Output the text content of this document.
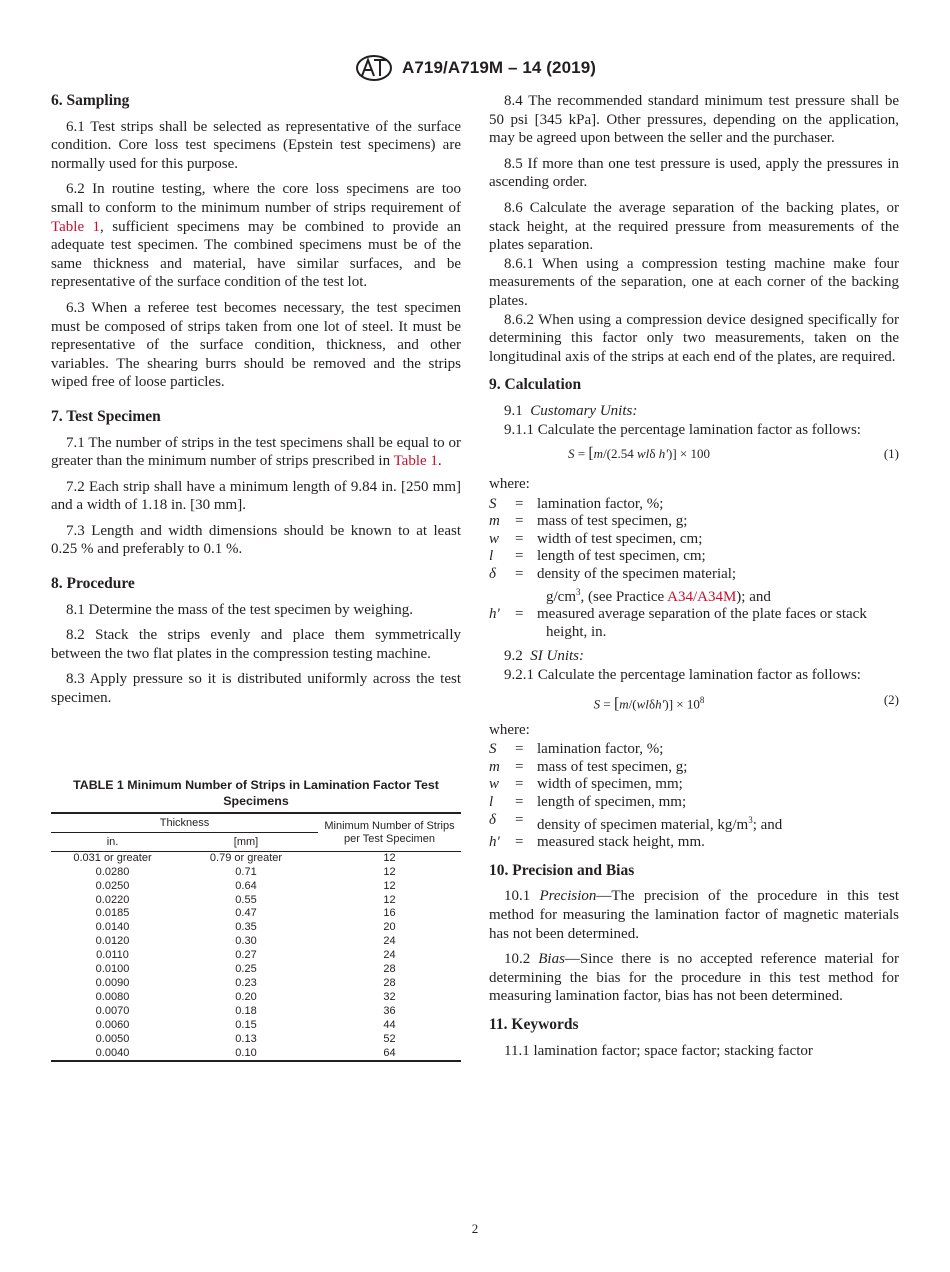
A719/A719M – 14 (2019)
6. Sampling

6.1 Test strips shall be selected as representative of the surface condition. Core loss test specimens (Epstein test specimens) are normally used for this purpose.

6.2 In routine testing, where the core loss specimens are too small to conform to the minimum number of strips requirement of Table 1, sufficient specimens may be combined to provide an adequate test specimen. The combined specimens must be of the same thickness and material, have similar surfaces, and be representative of the surface condition of the test lot.

6.3 When a referee test becomes necessary, the test specimen must be composed of strips taken from one lot of steel. It must be representative of the surface condition, thickness, and other variables. The shearing burrs should be removed and the strips wiped free of loose particles.

7. Test Specimen

7.1 The number of strips in the test specimens shall be equal to or greater than the minimum number of strips prescribed in Table 1.

7.2 Each strip shall have a minimum length of 9.84 in. [250 mm] and a width of 1.18 in. [30 mm].

7.3 Length and width dimensions should be known to at least 0.25 % and preferably to 0.1 %.

8. Procedure

8.1 Determine the mass of the test specimen by weighing.

8.2 Stack the strips evenly and place them symmetrically between the two flat plates in the compression testing machine.

8.3 Apply pressure so it is distributed uniformly across the test specimen.

TABLE 1 Minimum Number of Strips in Lamination Factor Test Specimens
Thickness		Minimum Number of Strips per Test Specimen
in.	[mm]	
0.031 or greater	0.79 or greater	12
0.0280	0.71	12
0.0250	0.64	12
0.0220	0.55	12
0.0185	0.47	16
0.0140	0.35	20
0.0120	0.30	24
0.0110	0.27	24
0.0100	0.25	28
0.0090	0.23	28
0.0080	0.20	32
0.0070	0.18	36
0.0060	0.15	44
0.0050	0.13	52
0.0040	0.10	64

8.4 The recommended standard minimum test pressure shall be 50 psi [345 kPa]. Other pressures, depending on the application, may be agreed upon between the seller and the purchaser.

8.5 If more than one test pressure is used, apply the pressures in ascending order.

8.6 Calculate the average separation of the backing plates, or stack height, at the required pressure from measurements of the plates separation.

8.6.1 When using a compression testing machine make four measurements of the separation, one at each corner of the backing plates.

8.6.2 When using a compression device designed specifically for determining this factor only two measurements, taken on the longitudinal axis of the strips at each end of the plates, are required.

9. Calculation

9.1 Customary Units:

9.1.1 Calculate the percentage lamination factor as follows:

S = [m/(2.54 wlδ h')] × 100	(1)

where:

S	= lamination factor, %;
m	= mass of test specimen, g;
w	= width of test specimen, cm;
l	= length of test specimen, cm;
δ	= density of the specimen material;
$g/cm^3$, (see Practice A34/A34M); and
h'	= measured average separation of the plate faces or stack height, in.

9.2 SI Units:

9.2.1 Calculate the percentage lamination factor as follows:

$S = [m/(wl\delta h')] \times 10^8$	(2)

where:

S	= lamination factor, %;
m	= mass of test specimen, g;
w	= width of specimen, mm;
l	= length of specimen, mm;
δ	= density of specimen material, $kg/m^3$; and
h'	= measured stack height, mm.
10. Precision and Bias

10.1 Precision—The precision of the procedure in this test method for measuring the lamination factor of magnetic materials has not been determined.

10.2 Bias—Since there is no accepted reference material for determining the bias for the procedure in this test method for measuring lamination factor, bias has not been determined.

11. Keywords

11.1 lamination factor; space factor; stacking factor

2
